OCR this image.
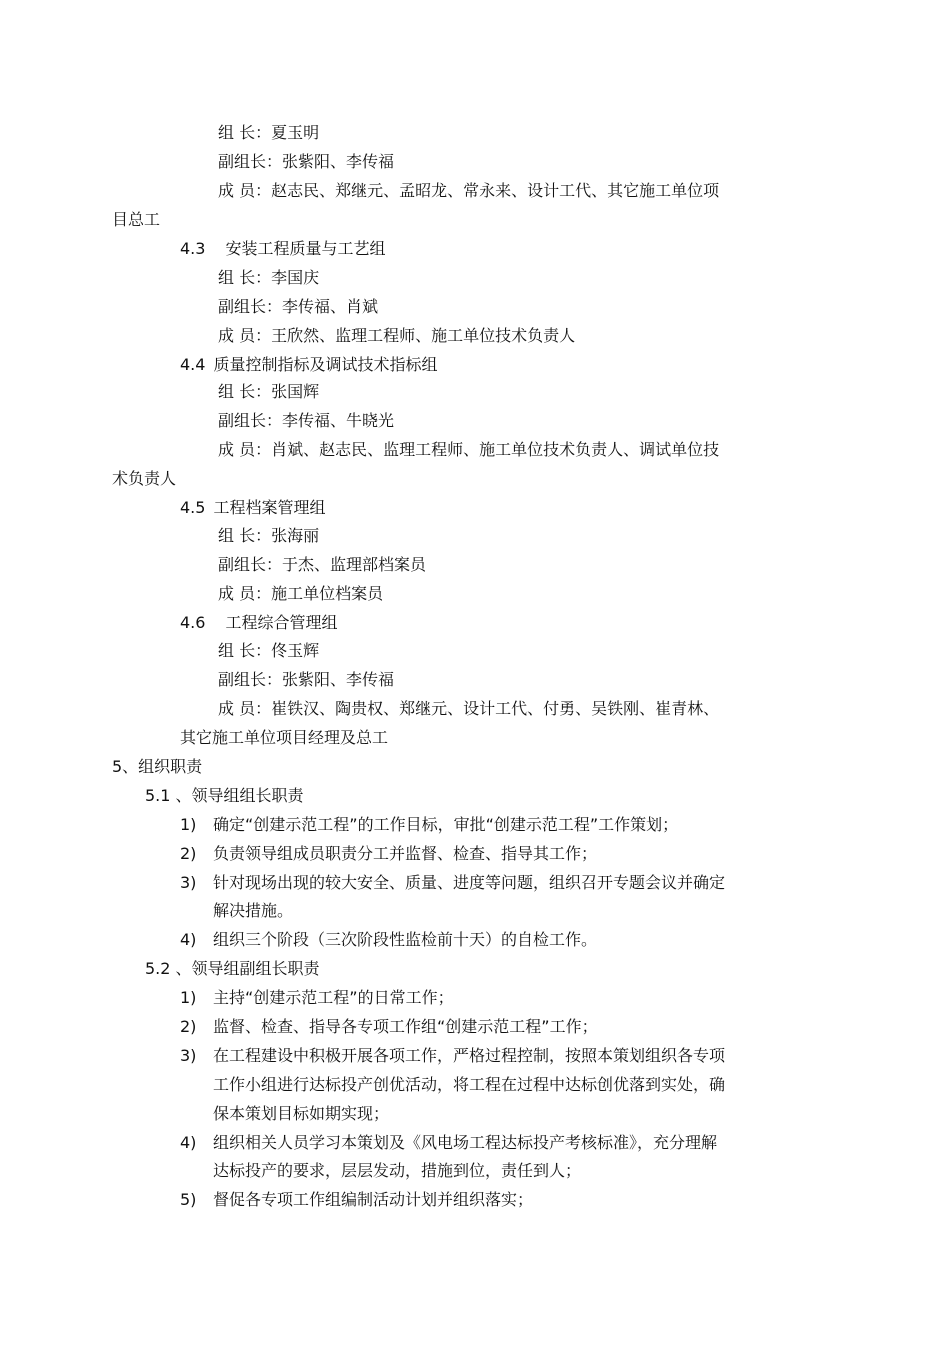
组 长：夏玉明
副组长：张紫阳、李传福
成 员：赵志民、郑继元、孟昭龙、常永来、设计工代、其它施工单位项
目总工
4.3 安装工程质量与工艺组
组 长：李国庆
副组长：李传福、肖斌
成 员：王欣然、监理工程师、施工单位技术负责人
4.4 质量控制指标及调试技术指标组
组 长：张国辉
副组长：李传福、牛晓光
成 员：肖斌、赵志民、监理工程师、施工单位技术负责人、调试单位技
术负责人
4.5 工程档案管理组
组 长：张海丽
副组长：于杰、监理部档案员
成 员：施工单位档案员
4.6 工程综合管理组
组 长：佟玉辉
副组长：张紫阳、李传福
成 员：崔铁汉、陶贵权、郑继元、设计工代、付勇、吴铁刚、崔青林、
其它施工单位项目经理及总工
5、组织职责
5.1 、领导组组长职责
1) 确定“创建示范工程”的工作目标，审批“创建示范工程”工作策划；
2) 负责领导组成员职责分工并监督、检查、指导其工作；
3) 针对现场出现的较大安全、质量、进度等问题，组织召开专题会议并确定
解决措施。
4) 组织三个阶段（三次阶段性监检前十天）的自检工作。
5.2 、领导组副组长职责
1) 主持“创建示范工程”的日常工作；
2) 监督、检查、指导各专项工作组“创建示范工程”工作；
3) 在工程建设中积极开展各项工作，严格过程控制，按照本策划组织各专项
工作小组进行达标投产创优活动，将工程在过程中达标创优落到实处，确
保本策划目标如期实现；
4) 组织相关人员学习本策划及《风电场工程达标投产考核标准》，充分理解
达标投产的要求，层层发动，措施到位，责任到人；
5) 督促各专项工作组编制活动计划并组织落实；
